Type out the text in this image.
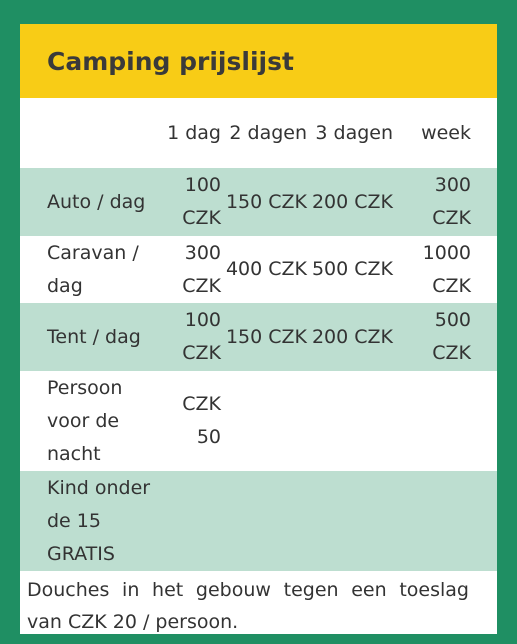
Camping prijslijst
	1 dag	2 dagen	3 dagen	week
Auto / dag	100 CZK	150 CZK	200 CZK	300 CZK
Caravan / dag	300 CZK	400 CZK	500 CZK	1000 CZK
Tent / dag	100 CZK	150 CZK	200 CZK	500 CZK
Persoon voor de nacht	CZK 50			
Kind onder de 15 GRATIS				

Douches in het gebouw tegen een toeslag van CZK 20 / persoon.
